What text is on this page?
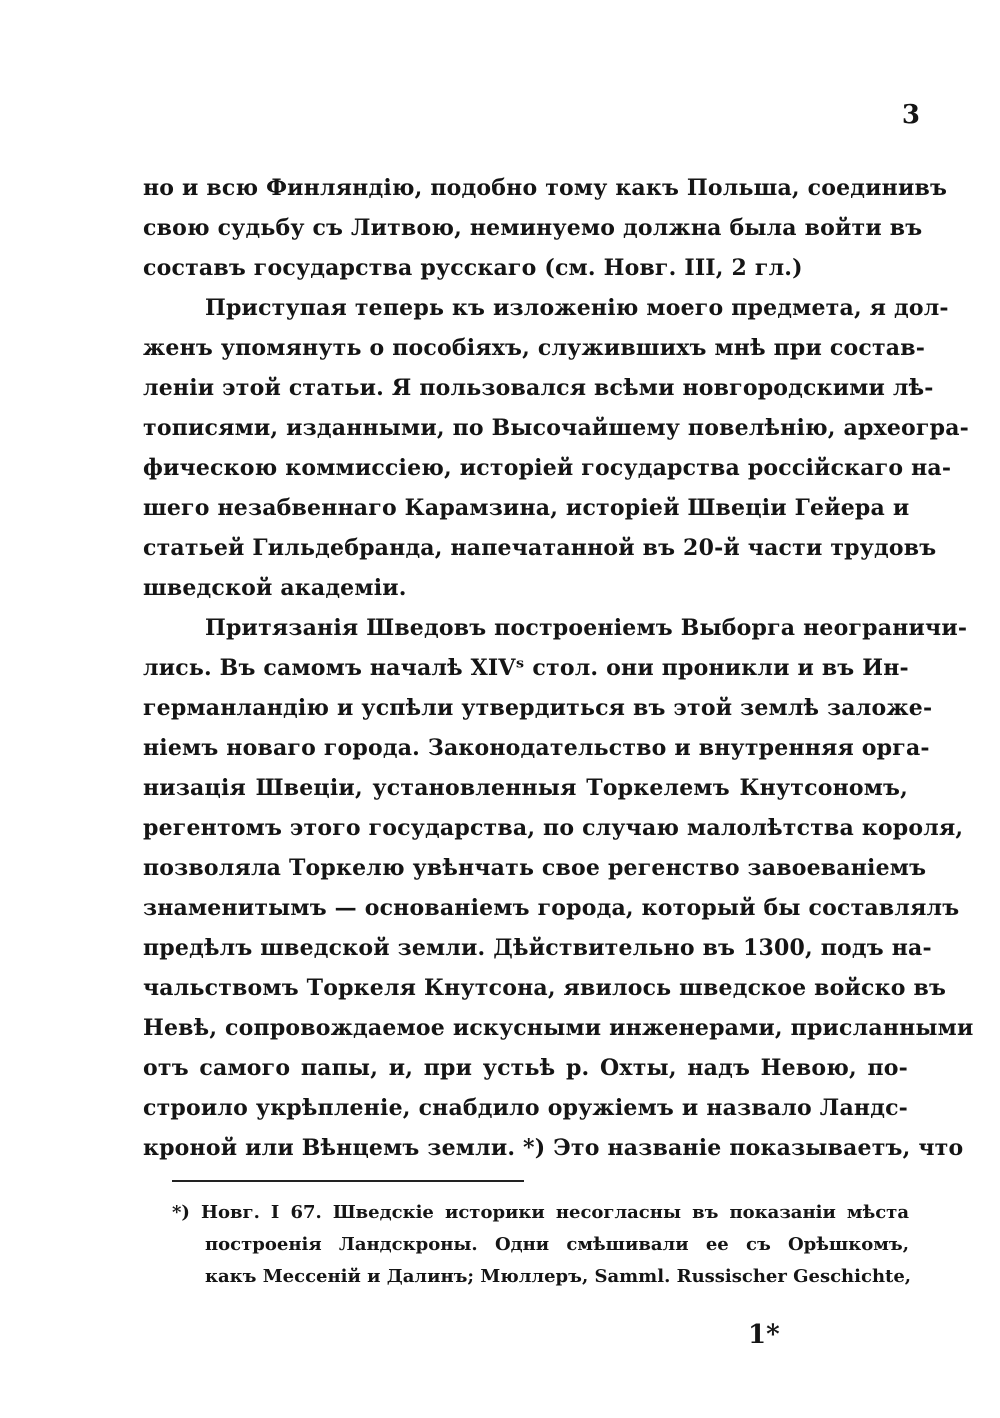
3
но и всю Финляндію, подобно тому какъ Польша, соединивъ
свою судьбу съ Литвою, неминуемо должна была войти въ
составъ государства русскаго (см. Новг. III, 2 гл.)
Приступая теперь къ изложенію моего предмета, я дол-
женъ упомянуть о пособіяхъ, служившихъ мнѣ при состав-
леніи этой статьи. Я пользовался всѣми новгородскими лѣ-
тописями, изданными, по Высочайшему повелѣнію, археогра-
фическою коммиссіею, исторіей государства россійскаго на-
шего незабвеннаго Карамзина, исторіей Швеціи Гейера и
статьей Гильдебранда, напечатанной въ 20-й части трудовъ
шведской академіи.
Притязанія Шведовъ построеніемъ Выборга неограничи-
лись. Въ самомъ началѣ XIVˢ стол. они проникли и въ Ин-
германландію и успѣли утвердиться въ этой землѣ заложе-
ніемъ новаго города. Законодательство и внутренняя орга-
низація Швеціи, установленныя Торкелемъ Кнутсономъ,
регентомъ этого государства, по случаю малолѣтства короля,
позволяла Торкелю увѣнчать свое регенство завоеваніемъ
знаменитымъ — основаніемъ города, который бы составлялъ
предѣлъ шведской земли. Дѣйствительно въ 1300, подъ на-
чальствомъ Торкеля Кнутсона, явилось шведское войско въ
Невѣ, сопровождаемое искусными инженерами, присланными
отъ самого папы, и, при устьѣ р. Охты, надъ Невою, по-
строило укрѣпленіе, снабдило оружіемъ и назвало Ландс-
кроной или Вѣнцемъ земли. *) Это названіе показываетъ, что
*) Новг. I 67. Шведскіе историки несогласны въ показаніи мѣста
построенія Ландскроны. Одни смѣшивали ее съ Орѣшкомъ,
какъ Мессеній и Далинъ; Мюллеръ, Samml. Russischer Geschichte,
1*
